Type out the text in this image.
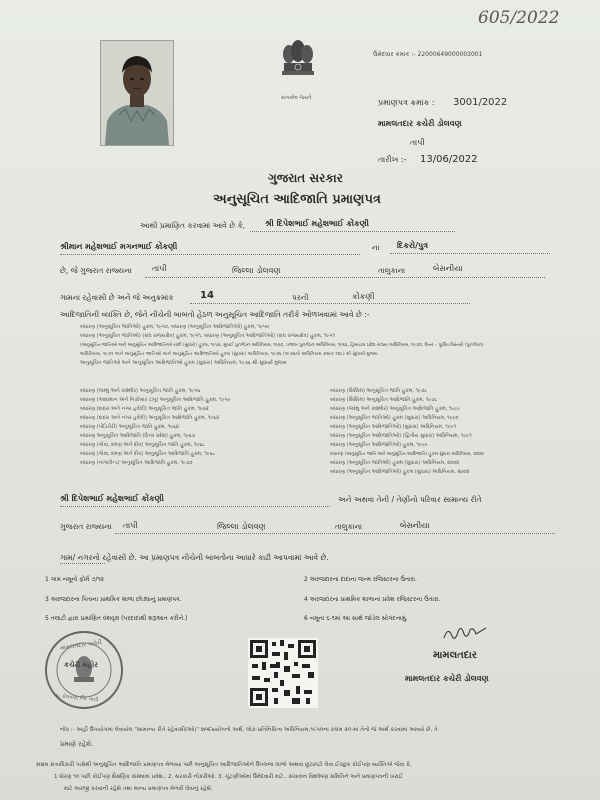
605/2022
સત્યમેવ જયતે
ઉમેદવાર ક્રમાંક :- 22000649000003001
પ્રમાણપત્ર ક્રમાંક : 3001/2022
મામલતદાર કચેરી ડોલવણ
તાપી
તારીખ :- 13/06/2022
ગુજરાત સરકાર
અનુસૂચિત આદિજાતિ પ્રમાણપત્ર
આથી પ્રમાણિત કરવામાં આવે છે કે, શ્રી દિપેશભાઈ મહેશભાઈ કોંકણી
શ્રીમાન મહેશભાઈ મગનભાઈ કોંકણી	ના દિકરો/પુત્ર
છે, જે ગુજરાત રાજ્યના	તાપી	જિલ્લા ડોલવણ	તાલુકાના	બેસનીયા
ગામના રહેવાસી છે અને જે અનુક્રમાંક	14	પરની	કોંકણી
આદિજાતિની વ્યક્તિ છે, જેને નીચેની બાબતો હેઠળ અનુસૂચિત આદિજાતિ તરીકે ઓળખવામાં આવે છે :-
બંધારણ (અનુસૂચિત જાતિઓ) હુકમ, ૧૯૫૦, બંધારણ (અનુસૂચિત આદિજાતિઓ) હુકમ, ૧૯૫૦
બંધારણ (અનુસૂચિત જાતિઓ) (સંઘ રાજ્યક્ષેત્ર) હુકમ, ૧૯૫૧, બંધારણ (અનુસૂચિત આદિજાતિઓ) (સંઘ રાજ્યક્ષેત્ર) હુકમ, ૧૯૫૧
(અનુસૂચિત જાતિઓ અને અનુસૂચિત આદિજાતિઓ યાદી (સુધારા) હુકમ, ૧૯૫૬, મુંબઈ પુનર્ગઠન અધિનિયમ, ૧૯૬૦, પંજાબ પુનર્ગઠન અધિનિયમ, ૧૯૬૬, હિમાચલ પ્રદેશ રાજ્ય અધિનિયમ, ૧૯૭૦, ઉત્તર – પૂર્વીય વિસ્તારો (પુનર્ગઠન)
અધિનિયમ, ૧૯૭૧ અને અનુસૂચિત જાતિઓ અને અનુસૂચિત આદિજાતિઓ હુકમ (સુધારા) અધિનિયમ, ૧૯૭૬ (૧૯૭૬નો અધિનિયમ ક્રમાંક ૧૦૮) થી સુધાર્યા મુજબ
અનુસૂચિત જાતિઓ અને અનુસૂચિત આદિજાતિઓ હુકમ (સુધારા) અધિનિયમ, ૧૯૭૬ થી સુધાર્યા મુજબ
બંધારણ (જમ્મુ અને કાશ્મીર) અનુસૂચિત જાતિ હુકમ, ૧૯૫૬
બંધારણ (આંદામાન અને નિકોબાર ટાપુ) અનુસૂચિત આદિજાતિ હુકમ, ૧૯૫૯
બંધારણ (દાદરા અને નગર હવેલી) અનુસૂચિત જાતિ હુકમ, ૧૯૬૨
બંધારણ (દાદરા અને નગર હવેલી) અનુસૂચિત આદિજાતિ હુકમ, ૧૯૬૨
બંધારણ (પોંડિચેરી) અનુસૂચિત જાતિ હુકમ, ૧૯૬૪
બંધારણ અનુસૂચિત આદિજાતિ (ઉત્તર પ્રદેશ) હુકમ, ૧૯૬૭
બંધારણ (ગોવા, દમણ અને દીવ) અનુસૂચિત જાતિ હુકમ, ૧૯૬૮
બંધારણ (ગોવા, દમણ અને દીવ) અનુસૂચિત આદિજાતિ હુકમ, ૧૯૬૮
બંધારણ (નાગાલેન્ડ) અનુસૂચિત આદિજાતિ હુકમ, ૧૯૭૦
બંધારણ (સિક્કિમ) અનુસૂચિત જાતિ હુકમ, ૧૯૭૮
બંધારણ (સિક્કિમ) અનુસૂચિત આદિજાતિ હુકમ, ૧૯૭૮
બંધારણ (જમ્મુ અને કાશ્મીર) અનુસૂચિત આદિજાતિ હુકમ, ૧૯૮૯
બંધારણ (અનુસૂચિત જાતિઓ) હુકમ (સુધારા) અધિનિયમ, ૧૯૯૦
બંધારણ (અનુસૂચિત આદિજાતિઓ) (સુધારા) અધિનિયમ, ૧૯૯૧
બંધારણ (અનુસૂચિત આદિજાતિઓ) (દ્વિતીય સુધારા) અધિનિયમ, ૧૯૯૧
બંધારણ (અનુસૂચિત આદિજાતિઓ) હુકમ, ૧૯૯૯
બંધારણ (અનુસૂચિત જાતિ અને અનુસૂચિત આદિજાતિ) હુકમ સુધારા અધિનિયમ, ૨૦૦૨
બંધારણ (અનુસૂચિત જાતિઓ) હુકમ (સુધારા) અધિનિયમ, ૨૦૦૨
બંધારણ (અનુસૂચિત આદિજાતિઓ) હુકમ (સુધારા) અધિનિયમ, ૨૦૦૨
શ્રી દિપેશભાઈ મહેશભાઈ કોંકણી	અને અથવા તેની / તેણીનો પરિવાર સામાન્ય રીતે
ગુજરાત રાજ્યના તાપી	જિલ્લા ડોલવણ	તાલુકાના	બેસનીયા
ગામ/ નગરનો રહેવાસી છે. આ પ્રમાણપત્ર નીચેની બાબતોના આધારે કાઢી આપવામાં આવે છે.
1 ગામ નમૂનો ફોર્મ ૭/૧૨	2 અરજદારના દાદાના જન્મ રજિસ્ટરના ઉતારા.
3 અરજદારના પિતાના પ્રાથમિક શાળા છોડ્યાનું પ્રમાણપત્ર.	4 અરજદારના પ્રાથમિક શાળાના પ્રવેશ રજિસ્ટરના ઉતારા.
5 તલાટી દ્વારા પ્રમાણિત વંશવૃક્ષ (પરદાદાથી શરૂઆત કરીને.)	6 નમૂના ૬-૧માં આ સાથે જોડેલ સોગંદનામું.
મામલતદાર કચેરી
કચેરી મહોર
તા. ડોલવણ, જિ. તાપી
મામલતદાર
મામલતદાર કચેરી ડોલવણ
નોંધ :- અહીં ઉપયોગમાં લેવાયેલ "સામાન્ય રીતે રહેવાસી(ઓ)" શબ્દપ્રયોગનો અર્થ, લોક-પ્રતિનિધિત્વ અધિનિયમ,૧૯૫૦ના કલમ ૨૦-માં તેનો જે અર્થ કરવામાં આવ્યો છે, તે
પ્રમાણે રહેશે.
સક્ષમ સત્તાધિકારી પાસેથી અનુસૂચિત આદિજાતિ પ્રમાણપત્ર મેળવ્યા પછી અનુસૂચિત આદિજાતિઓને ઉપલબ્ધ લાભો અથવા છૂટછાટો લેવા ઈચ્છુક કોઈપણ વ્યક્તિએ જેવા કે,
1 ધોરણ ૧૦ પછી કોઈપણ શૈક્ષણિક સંસ્થામાં પ્રવેશ.. 2. સરકારી નોકરીઓ. 3. ચૂંટણીઓમાં ઉમેદવારી માટે.. સંચાલન વિશ્લેષણ સમિતિને અને પ્રમાણપત્રની ખરાઈ
માટે અરજી કરવાની રહેશે તથા માન્ય પ્રમાણપત્ર મેળવી લેવાનું રહેશે.
